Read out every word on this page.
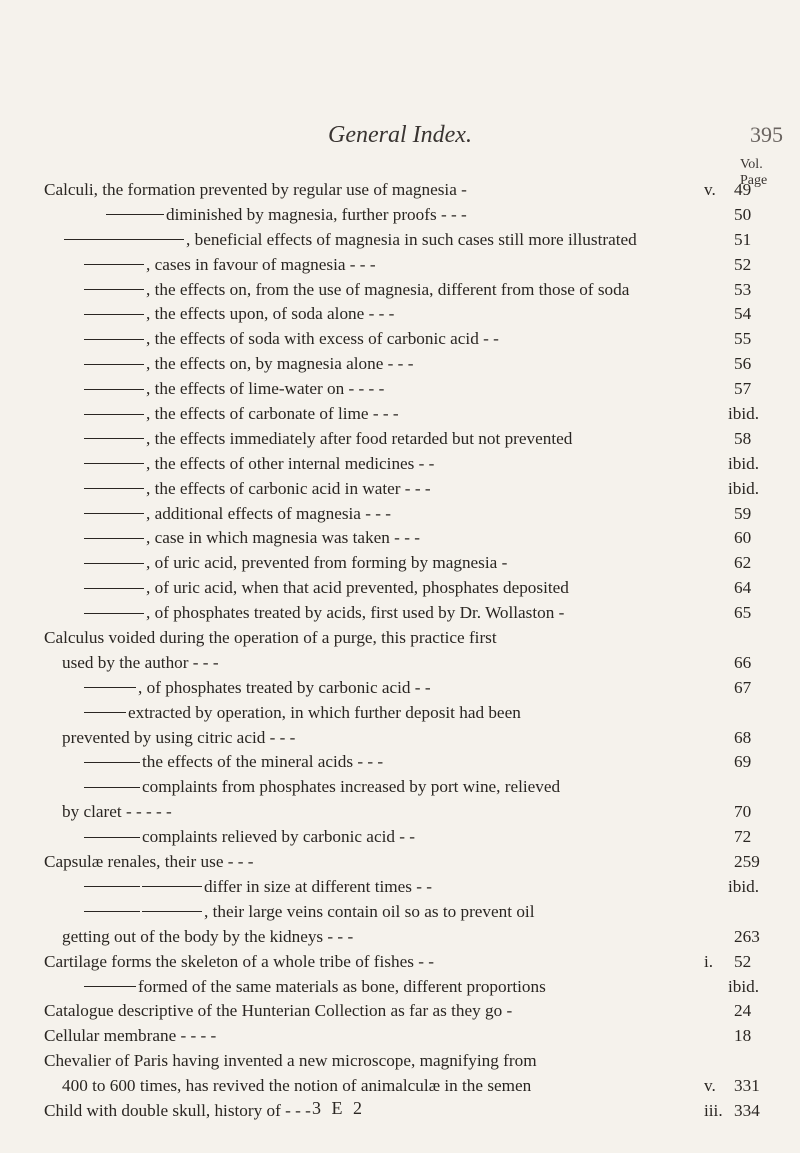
General Index.	395
Vol. Page
Calculi, the formation prevented by regular use of magnesia -	v. 49
diminished by magnesia, further proofs - - -	50
, beneficial effects of magnesia in such cases still more illustrated	51
, cases in favour of magnesia - - -	52
, the effects on, from the use of magnesia, different from those of soda	53
, the effects upon, of soda alone - - -	54
, the effects of soda with excess of carbonic acid - -	55
, the effects on, by magnesia alone - - -	56
, the effects of lime-water on - - - -	57
, the effects of carbonate of lime - - -	ibid.
, the effects immediately after food retarded but not prevented	58
, the effects of other internal medicines - -	ibid.
, the effects of carbonic acid in water - - -	ibid.
, additional effects of magnesia - - -	59
, case in which magnesia was taken - - -	60
, of uric acid, prevented from forming by magnesia -	62
, of uric acid, when that acid prevented, phosphates deposited	64
, of phosphates treated by acids, first used by Dr. Wollaston -	65
Calculus voided during the operation of a purge, this practice first
used by the author - - -	66
, of phosphates treated by carbonic acid - -	67
extracted by operation, in which further deposit had been
prevented by using citric acid - - -	68
the effects of the mineral acids - - -	69
complaints from phosphates increased by port wine, relieved
by claret - - - - -	70
complaints relieved by carbonic acid - -	72
Capsulæ renales, their use - - -	259
differ in size at different times - -	ibid.
, their large veins contain oil so as to prevent oil
getting out of the body by the kidneys - - -	263
Cartilage forms the skeleton of a whole tribe of fishes - -	i. 52
formed of the same materials as bone, different proportions	ibid.
Catalogue descriptive of the Hunterian Collection as far as they go -	24
Cellular membrane - - - -	18
Chevalier of Paris having invented a new microscope, magnifying from
400 to 600 times, has revived the notion of animalculæ in the semen	v. 331
Child with double skull, history of - - -	iii. 334
3 E 2
